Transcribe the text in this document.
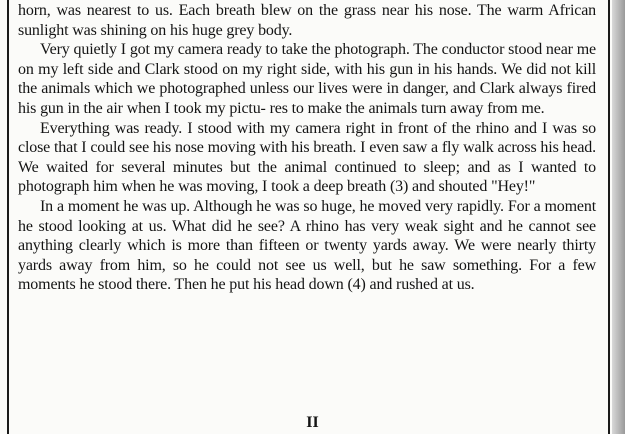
horn, was nearest to us. Each breath blew on the grass near his nose. The warm African sunlight was shining on his huge grey body.

Very quietly I got my camera ready to take the photograph. The conductor stood near me on my left side and Clark stood on my right side, with his gun in his hands. We did not kill the animals which we photographed unless our lives were in danger, and Clark always fired his gun in the air when I took my pictu- res to make the animals turn away from me.

Everything was ready. I stood with my camera right in front of the rhino and I was so close that I could see his nose moving with his breath. I even saw a fly walk across his head. We waited for several minutes but the animal continued to sleep; and as I wanted to photograph him when he was moving, I took a deep breath (3) and shouted "Hey!"

In a moment he was up. Although he was so huge, he moved very rapidly. For a moment he stood looking at us. What did he see? A rhino has very weak sight and he cannot see anything clearly which is more than fifteen or twenty yards away. We were nearly thirty yards away from him, so he could not see us well, but he saw something. For a few moments he stood there. Then he put his head down (4) and rushed at us.

II
